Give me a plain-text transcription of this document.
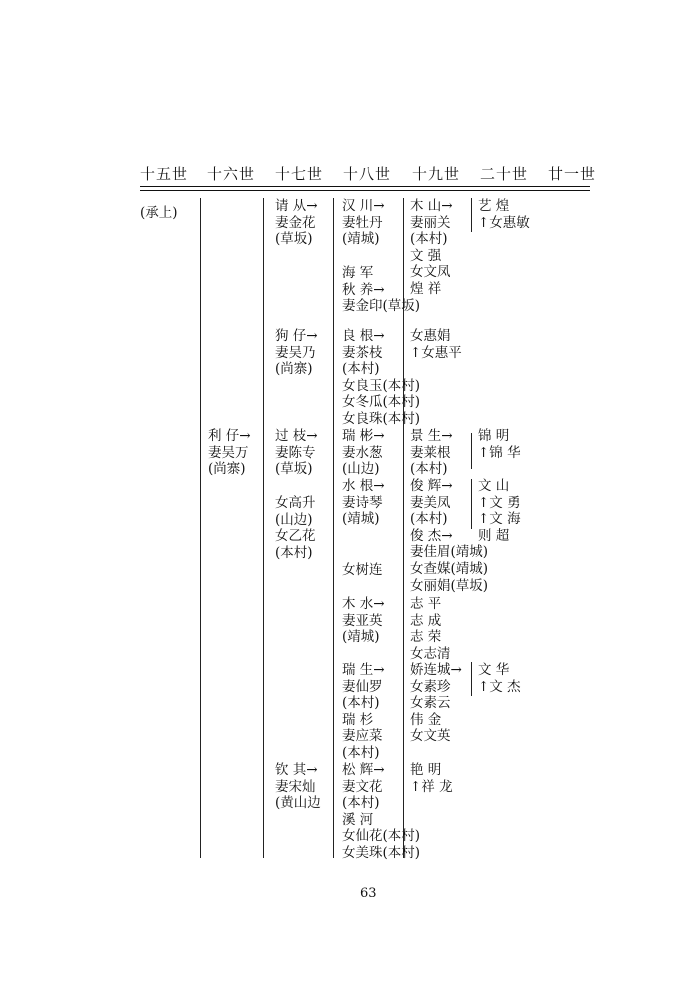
十五世 十六世 十七世 十八世 十九世 二十世 廿一世
(承上)	请 从→
妻金花
(草坂)
汉 川→
妻牡丹
(靖城)
木 山→
妻丽关
(本村)
文 强
女文凤
煌 祥
艺 煌
↑女惠敏
海 军
秋 养→
妻金印(草坂)
狗 仔→
妻吴乃
(尚寨)
良 根→
妻茶枝
(本村)
女良玉(本村)
女冬瓜(本村)
女良珠(本村)
女惠娟
↑女惠平
利 仔→
妻吴万
(尚寨)
过 枝→
妻陈专
(草坂)
瑞 彬→
妻水葱
(山边)
景 生→
妻莱根
(本村)
锦 明
↑锦 华
水 根→
妻诗琴
(靖城)
俊 辉→
妻美凤
(本村)
俊 杰→
妻佳眉(靖城)
女查媒(靖城)
女丽娟(草坂)
文 山
↑文 勇
↑文 海
则 超
女高升
(山边)
女乙花
(本村)
女树连
木 水→
妻亚英
(靖城)
志 平
志 成
志 荣
女志清
瑞 生→
妻仙罗
(本村)
瑞 杉
妻应菜
(本村)
娇连城→
女素珍
女素云
伟 金
女文英
文 华
↑文 杰
钦 其→
妻宋灿
(黄山边
松 辉→
妻文花
(本村)
溪 河
女仙花(本村)
女美珠(本村)
艳 明
↑祥 龙
63
